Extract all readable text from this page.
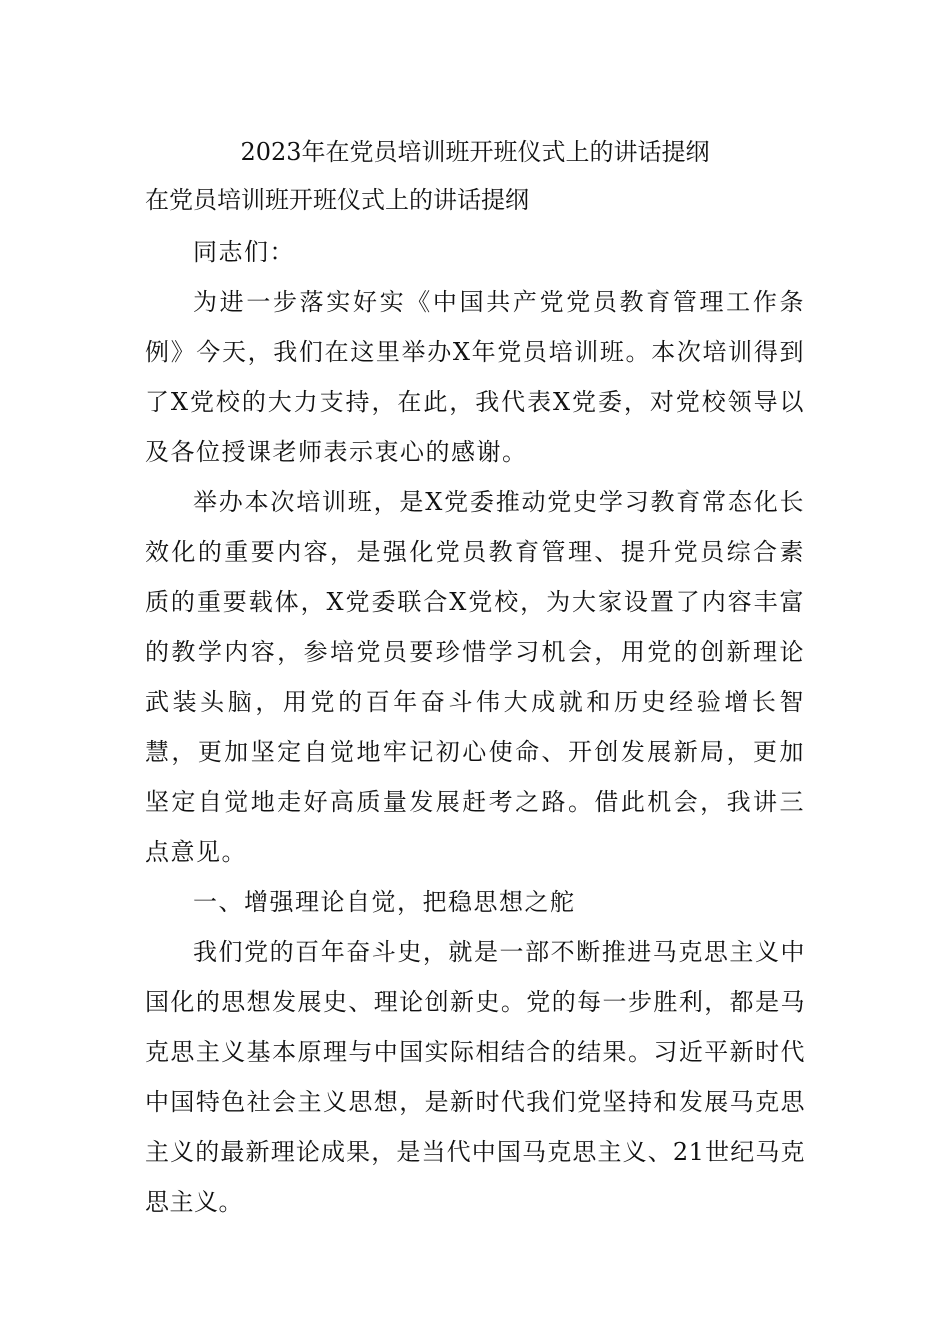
2023年在党员培训班开班仪式上的讲话提纲
在党员培训班开班仪式上的讲话提纲

同志们：

为进一步落实好实《中国共产党党员教育管理工作条例》今天，我们在这里举办X年党员培训班。本次培训得到了X党校的大力支持，在此，我代表X党委，对党校领导以及各位授课老师表示衷心的感谢。

举办本次培训班，是X党委推动党史学习教育常态化长效化的重要内容，是强化党员教育管理、提升党员综合素质的重要载体，X党委联合X党校，为大家设置了内容丰富的教学内容，参培党员要珍惜学习机会，用党的创新理论武装头脑，用党的百年奋斗伟大成就和历史经验增长智慧，更加坚定自觉地牢记初心使命、开创发展新局，更加坚定自觉地走好高质量发展赶考之路。借此机会，我讲三点意见。

一、增强理论自觉，把稳思想之舵

我们党的百年奋斗史，就是一部不断推进马克思主义中国化的思想发展史、理论创新史。党的每一步胜利，都是马克思主义基本原理与中国实际相结合的结果。习近平新时代中国特色社会主义思想，是新时代我们党坚持和发展马克思主义的最新理论成果，是当代中国马克思主义、21世纪马克思主义。
